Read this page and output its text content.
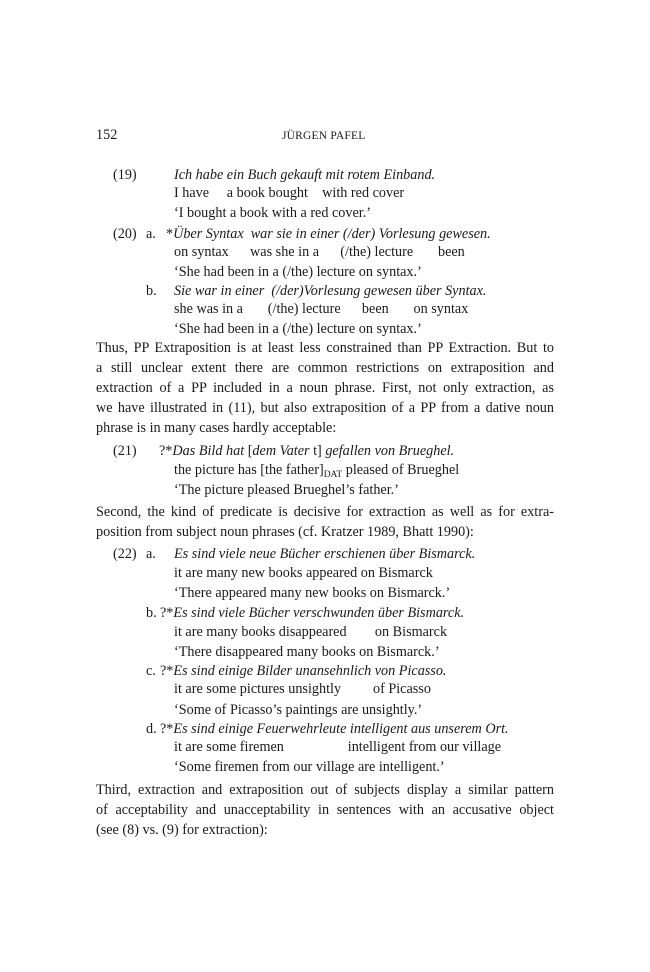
152	JÜRGEN PAFEL
(19)	Ich habe ein Buch gekauft mit rotem Einband.
I have     a book bought    with red cover
‘I bought a book with a red cover.’
(20) a. *Über Syntax  war sie in einer (/der) Vorlesung gewesen.
on syntax      was she in a      (/the) lecture       been
‘She had been in a (/the) lecture on syntax.’
b. Sie war in einer  (/der)Vorlesung gewesen über Syntax.
she was in a       (/the) lecture      been       on syntax
‘She had been in a (/the) lecture on syntax.’
Thus, PP Extraposition is at least less constrained than PP Extraction. But to
a still unclear extent there are common restrictions on extraposition and
extraction of a PP included in a noun phrase. First, not only extraction, as
we have illustrated in (11), but also extraposition of a PP from a dative noun
phrase is in many cases hardly acceptable:
(21) ?*Das Bild hat [dem Vater t] gefallen von Brueghel.
the picture has [the $father]_{DAT}$ pleased of Brueghel
‘The picture pleased Brueghel’s father.’
Second, the kind of predicate is decisive for extraction as well as for extra-
position from subject noun phrases (cf. Kratzer 1989, Bhatt 1990):
(22) a. Es sind viele neue Bücher erschienen über Bismarck.
it are many new books appeared on Bismarck
‘There appeared many new books on Bismarck.’
b. ?*Es sind viele Bücher verschwunden über Bismarck.
it are many books disappeared        on Bismarck
‘There disappeared many books on Bismarck.’
c. ?*Es sind einige Bilder unansehnlich von Picasso.
it are some pictures unsightly         of Picasso
‘Some of Picasso’s paintings are unsightly.’
d. ?*Es sind einige Feuerwehrleute intelligent aus unserem Ort.
it are some firemen                  intelligent from our village
‘Some firemen from our village are intelligent.’
Third, extraction and extraposition out of subjects display a similar pattern
of acceptability and unacceptability in sentences with an accusative object
(see (8) vs. (9) for extraction):
